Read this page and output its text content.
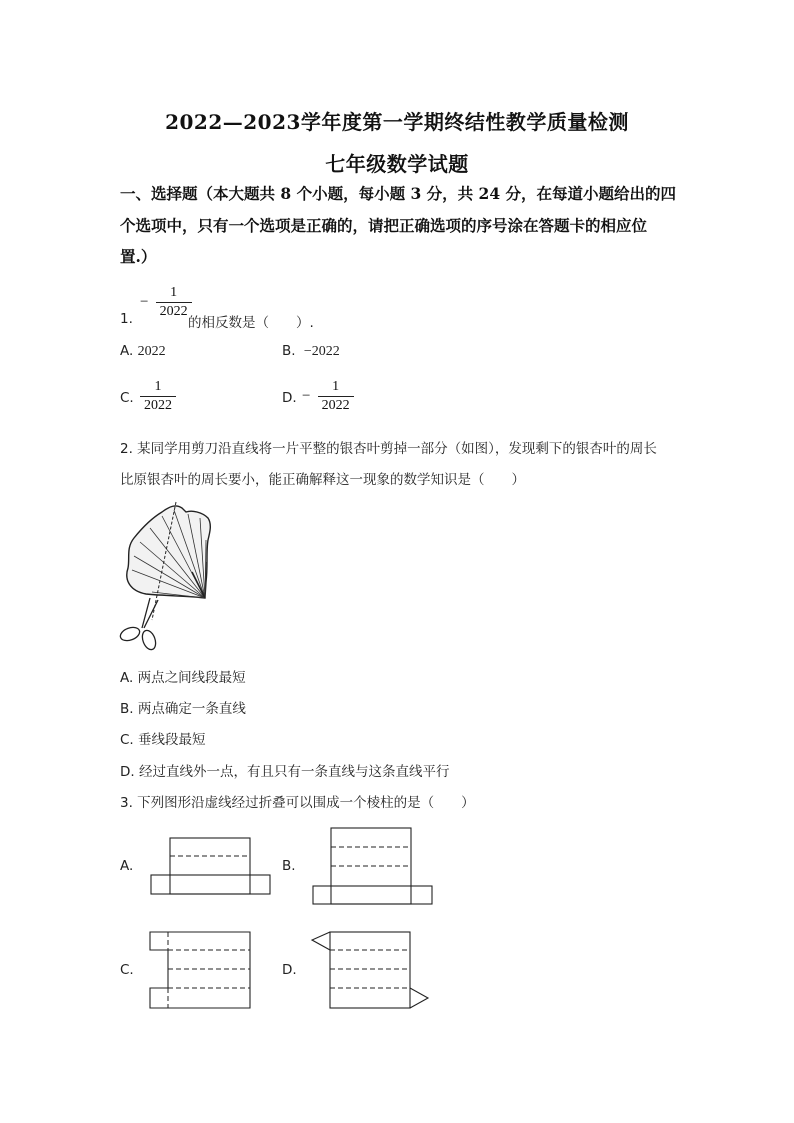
2022—2023学年度第一学期终结性教学质量检测
七年级数学试题
一、选择题（本大题共 8 个小题，每小题 3 分，共 24 分，在每道小题给出的四
个选项中，只有一个选项是正确的，请把正确选项的序号涂在答题卡的相应位
置.）
1.
− $\frac{1}{2022}$
的相反数是（　　）.
A. 2022	B. −2022
C. $\frac{1}{2022}$	D. − $\frac{1}{2022}$
2. 某同学用剪刀沿直线将一片平整的银杏叶剪掉一部分（如图），发现剩下的银杏叶的周长
比原银杏叶的周长要小，能正确解释这一现象的数学知识是（　　）
A. 两点之间线段最短
B. 两点确定一条直线
C. 垂线段最短
D. 经过直线外一点，有且只有一条直线与这条直线平行
3. 下列图形沿虚线经过折叠可以围成一个棱柱的是（　　）
A.	B.
C.	D.
